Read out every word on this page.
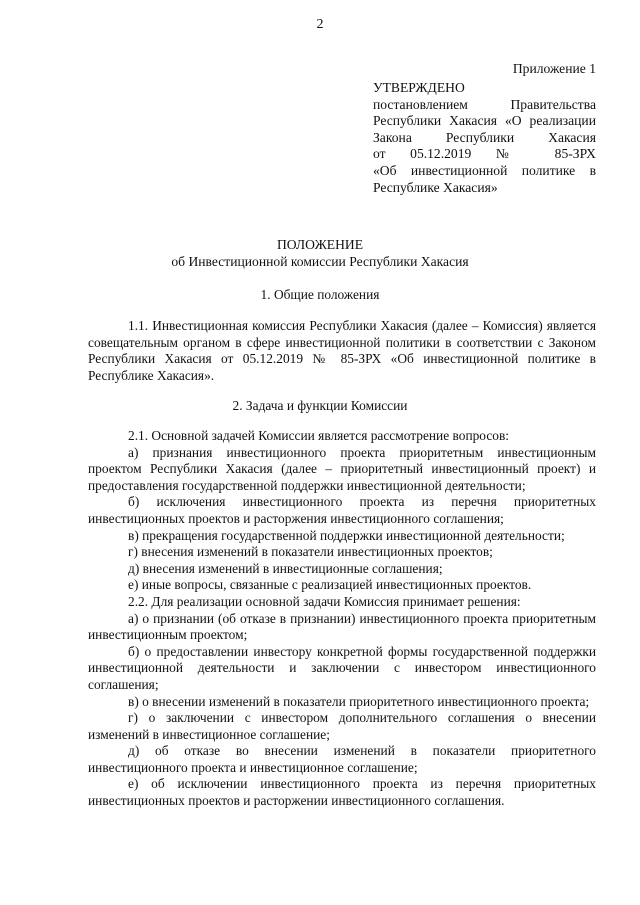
2
Приложение 1
УТВЕРЖДЕНО
постановлением Правительства
Республики Хакасия «О реализации
Закона Республики Хакасия
от 05.12.2019 № 85-ЗРХ
«Об инвестиционной политике в
Республике Хакасия»
ПОЛОЖЕНИЕ
об Инвестиционной комиссии Республики Хакасия
1. Общие положения

1.1. Инвестиционная комиссия Республики Хакасия (далее – Комиссия) является совещательным органом в сфере инвестиционной политики в соответствии с Законом Республики Хакасия от 05.12.2019 № 85-ЗРХ «Об инвестиционной политике в Республике Хакасия».

2. Задача и функции Комиссии

2.1. Основной задачей Комиссии является рассмотрение вопросов:

а) признания инвестиционного проекта приоритетным инвестиционным проектом Республики Хакасия (далее – приоритетный инвестиционный проект) и предоставления государственной поддержки инвестиционной деятельности;

б) исключения инвестиционного проекта из перечня приоритетных инвестиционных проектов и расторжения инвестиционного соглашения;

в) прекращения государственной поддержки инвестиционной деятельности;

г) внесения изменений в показатели инвестиционных проектов;

д) внесения изменений в инвестиционные соглашения;

е) иные вопросы, связанные с реализацией инвестиционных проектов.

2.2. Для реализации основной задачи Комиссия принимает решения:

а) о признании (об отказе в признании) инвестиционного проекта приоритетным инвестиционным проектом;

б) о предоставлении инвестору конкретной формы государственной поддержки инвестиционной деятельности и заключении с инвестором инвестиционного соглашения;

в) о внесении изменений в показатели приоритетного инвестиционного проекта;

г) о заключении с инвестором дополнительного соглашения о внесении изменений в инвестиционное соглашение;

д) об отказе во внесении изменений в показатели приоритетного инвестиционного проекта и инвестиционное соглашение;

е) об исключении инвестиционного проекта из перечня приоритетных инвестиционных проектов и расторжении инвестиционного соглашения.
